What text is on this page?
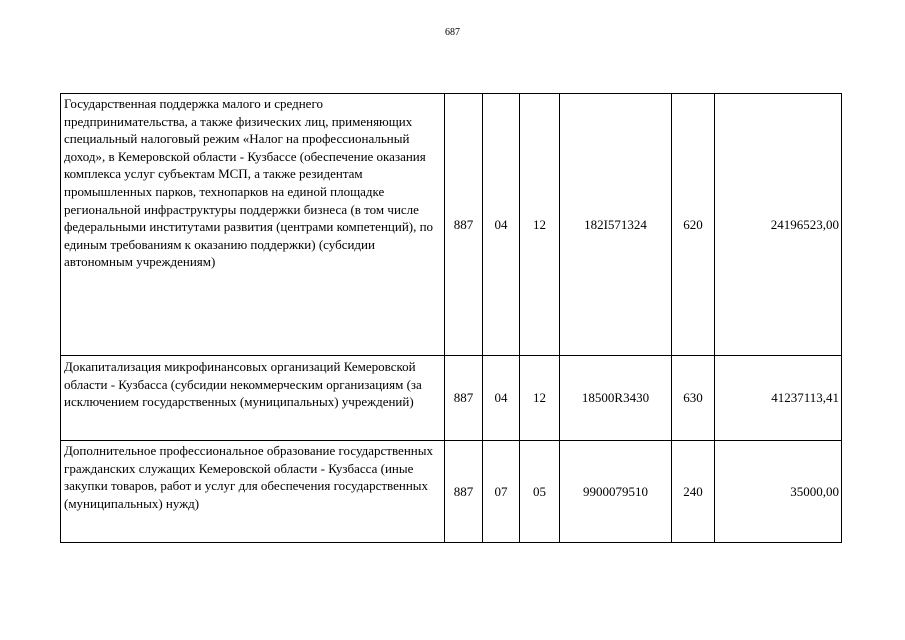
687
Государственная поддержка малого и среднего предпринимательства, а также физических лиц, применяющих специальный налоговый режим «Налог на профессиональный доход», в Кемеровской области - Кузбассе (обеспечение оказания комплекса услуг субъектам МСП, а также резидентам промышленных парков, технопарков на единой площадке региональной инфраструктуры поддержки бизнеса (в том числе федеральными институтами развития (центрами компетенций), по единым требованиям к оказанию поддержки) (субсидии автономным учреждениям)	887	04	12	182I571324	620	24196523,00
Докапитализация микрофинансовых организаций Кемеровской области - Кузбасса (субсидии некоммерческим организациям (за исключением государственных (муниципальных) учреждений)	887	04	12	18500R3430	630	41237113,41
Дополнительное профессиональное образование государственных гражданских служащих Кемеровской области - Кузбасса (иные закупки товаров, работ и услуг для обеспечения государственных (муниципальных) нужд)	887	07	05	9900079510	240	35000,00
